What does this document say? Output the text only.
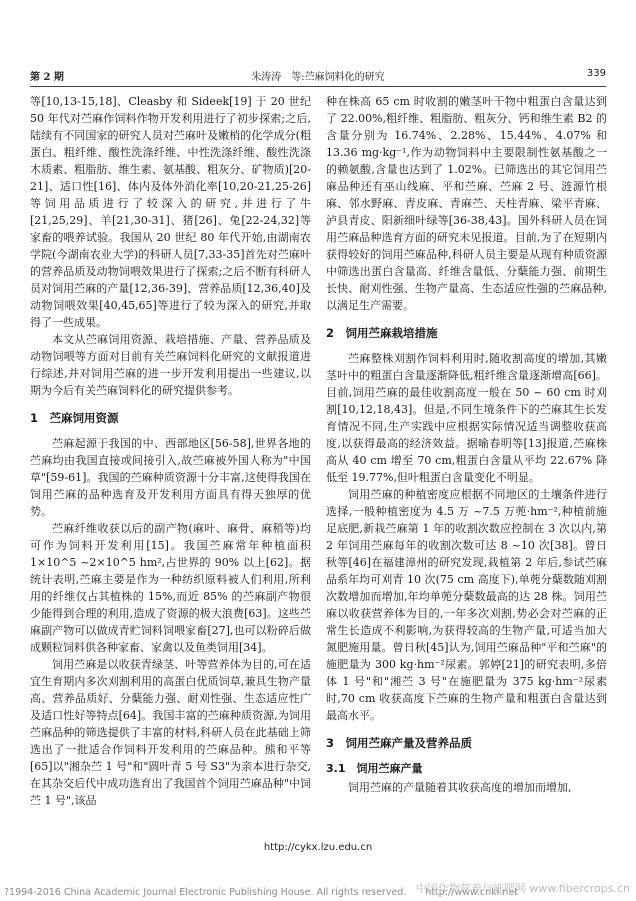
第 2 期	朱涛涛　等:苎麻饲料化的研究	339

等[10,13-15,18]、Cleasby 和 Sideek[19] 于 20 世纪 50 年代对苎麻作饲料作物开发利用进行了初步探索;之后,陆续有不同国家的研究人员对苎麻叶及嫩梢的化学成分(粗蛋白、粗纤维、酸性洗涤纤维、中性洗涤纤维、酸性洗涤木质素、粗脂肪、维生素、氨基酸、粗灰分、矿物质)[20-21]、适口性[16]、体内及体外消化率[10,20-21,25-26]等饲用品质进行了较深入的研究,并进行了牛[21,25,29]、羊[21,30-31]、猪[26]、兔[22-24,32]等家畜的喂养试验。我国从 20 世纪 80 年代开始,由湖南农学院(今湖南农业大学)的科研人员[7,33-35]首先对苎麻叶的营养品质及动物饲喂效果进行了探索;之后不断有科研人员对饲用苎麻的产量[12,36-39]、营养品质[12,36,40]及动物饲喂效果[40,45,65]等进行了较为深入的研究,并取得了一些成果。

本文从苎麻饲用资源、栽培措施、产量、营养品质及动物饲喂等方面对目前有关苎麻饲料化研究的文献报道进行综述,并对饲用苎麻的进一步开发利用提出一些建议,以期为今后有关苎麻饲料化的研究提供参考。

1　苎麻饲用资源

苎麻起源于我国的中、西部地区[56-58],世界各地的苎麻均由我国直接或间接引入,故苎麻被外国人称为"中国草"[59-61]。我国的苎麻种质资源十分丰富,这使得我国在饲用苎麻的品种选育及开发利用方面具有得天独厚的优势。

苎麻纤维收获以后的副产物(麻叶、麻骨、麻稍等)均可作为饲料开发利用[15]。我国苎麻常年种植面积 1×10^5 ~2×10^5 hm²,占世界的 90% 以上[62]。据统计表明,苎麻主要是作为一种纺织原料被人们利用,所利用的纤维仅占其植株的 15%,而近 85% 的苎麻副产物很少能得到合理的利用,造成了资源的极大浪费[63]。这些苎麻副产物可以做成青贮饲料饲喂家畜[27],也可以粉碎后做成颗粒饲料供各种家畜、家禽以及鱼类饲用[34]。

饲用苎麻是以收获青绿茎、叶等营养体为目的,可在适宜生育期内多次刈割利用的高蛋白优质饲草,兼具生物产量高、营养品质好、分蘖能力强、耐刈性强、生态适应性广及适口性好等特点[64]。我国丰富的苎麻种质资源,为饲用苎麻品种的筛选提供了丰富的材料,科研人员在此基础上筛选出了一批适合作饲料开发利用的苎麻品种。熊和平等[65]以"湘杂苎 1 号"和"圆叶青 5 号 S3"为亲本进行杂交,在其杂交后代中成功选育出了我国首个饲用苎麻品种"中饲苎 1 号",该品

种在株高 65 cm 时收割的嫩茎叶干物中粗蛋白含量达到了 22.00%,粗纤维、粗脂肪、粗灰分、钙和维生素 B2 的含量分别为 16.74%、2.28%、15.44%、4.07% 和 13.36 mg·kg⁻¹,作为动物饲料中主要限制性氨基酸之一的赖氨酸,含量也达到了 1.02%。已筛选出的其它饲用苎麻品种还有巫山线麻、平和苎麻、苎麻 2 号、涟源竹根麻、邻水野麻、青皮麻、青麻苎、天柱青麻、梁平青麻、泸县青皮、阳新细叶绿等[36-38,43]。国外科研人员在饲用苎麻品种选育方面的研究未见报道。目前,为了在短期内获得较好的饲用苎麻品种,科研人员主要是从现有种质资源中筛选出蛋白含量高、纤维含量低、分蘖能力强、前期生长快、耐刈性强、生物产量高、生态适应性强的苎麻品种,以满足生产需要。

2　饲用苎麻栽培措施

苎麻整株刈割作饲料利用时,随收割高度的增加,其嫩茎叶中的粗蛋白含量逐渐降低,粗纤维含量逐渐增高[66]。目前,饲用苎麻的最佳收割高度一般在 50 ~ 60 cm 时刈割[10,12,18,43]。但是,不同生境条件下的苎麻其生长发育情况不同,生产实践中应根据实际情况适当调整收获高度,以获得最高的经济效益。据喻春明等[13]报道,苎麻株高从 40 cm 增至 70 cm,粗蛋白含量从平均 22.67% 降低至 19.77%,但叶粗蛋白含量变化不明显。

饲用苎麻的种植密度应根据不同地区的土壤条件进行选择,一般种植密度为 4.5 万 ~7.5 万蔸·hm⁻²,种植前施足底肥,新栽苎麻第 1 年的收割次数应控制在 3 次以内,第 2 年饲用苎麻每年的收割次数可达 8 ~10 次[38]。曾日秋等[46]在福建漳州的研究发现,栽植第 2 年后,参试苎麻品系年均可刈青 10 次(75 cm 高度下),单蔸分蘖数随刈割次数增加而增加,年均单蔸分蘖数最高的达 28 株。饲用苎麻以收获营养体为目的,一年多次刈割,势必会对苎麻的正常生长造成不利影响,为获得较高的生物产量,可适当加大氮肥施用量。曾日秋[45]认为,饲用苎麻品种"平和苎麻"的施肥量为 300 kg·hm⁻²尿素。郭婷[21]的研究表明,多倍体 1 号"和"湘苎 3 号"在施肥量为 375 kg·hm⁻²尿素时,70 cm 收获高度下苎麻的生物产量和粗蛋白含量达到最高水平。

3　饲用苎麻产量及营养品质
3.1　饲用苎麻产量

饲用苎麻的产量随着其收获高度的增加而增加,

http://cykx.lzu.edu.cn
?1994-2016 China Academic Journal Electronic Publishing House. All rights reserved.　　http://www.cnki.net
中国作物营养与施肥网 www.fibercrops.cn
